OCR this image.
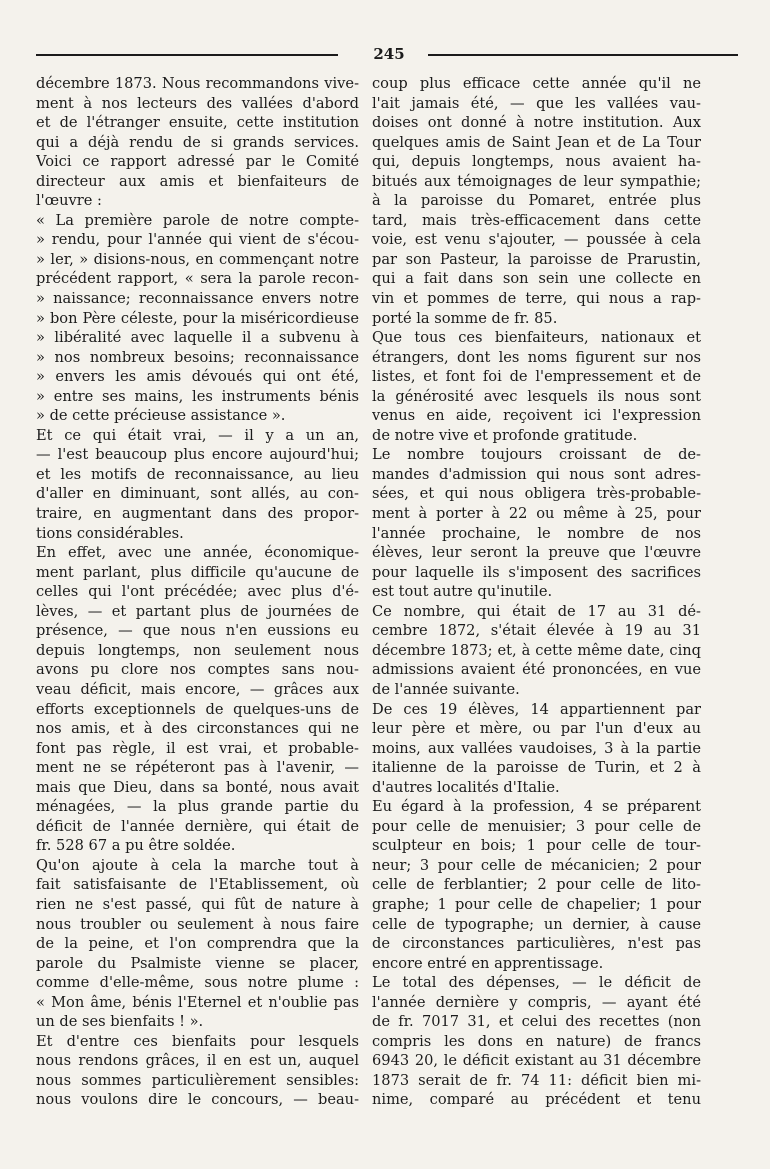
245
décembre 1873. Nous recommandons vive-
ment à nos lecteurs des vallées d'abord
et de l'étranger ensuite, cette institution
qui a déjà rendu de si grands services.
Voici ce rapport adressé par le Comité
directeur aux amis et bienfaiteurs de
l'œuvre :
« La première parole de notre compte-
» rendu, pour l'année qui vient de s'écou-
» ler, » disions-nous, en commençant notre
précédent rapport, « sera la parole recon-
» naissance; reconnaissance envers notre
» bon Père céleste, pour la miséricordieuse
» libéralité avec laquelle il a subvenu à
» nos nombreux besoins; reconnaissance
» envers les amis dévoués qui ont été,
» entre ses mains, les instruments bénis
» de cette précieuse assistance ».
Et ce qui était vrai, — il y a un an,
— l'est beaucoup plus encore aujourd'hui;
et les motifs de reconnaissance, au lieu
d'aller en diminuant, sont allés, au con-
traire, en augmentant dans des propor-
tions considérables.
En effet, avec une année, économique-
ment parlant, plus difficile qu'aucune de
celles qui l'ont précédée; avec plus d'é-
lèves, — et partant plus de journées de
présence, — que nous n'en eussions eu
depuis longtemps, non seulement nous
avons pu clore nos comptes sans nou-
veau déficit, mais encore, — grâces aux
efforts exceptionnels de quelques-uns de
nos amis, et à des circonstances qui ne
font pas règle, il est vrai, et probable-
ment ne se répéteront pas à l'avenir, —
mais que Dieu, dans sa bonté, nous avait
ménagées, — la plus grande partie du
déficit de l'année dernière, qui était de
fr. 528 67 a pu être soldée.
Qu'on ajoute à cela la marche tout à
fait satisfaisante de l'Etablissement, où
rien ne s'est passé, qui fût de nature à
nous troubler ou seulement à nous faire
de la peine, et l'on comprendra que la
parole du Psalmiste vienne se placer,
comme d'elle-même, sous notre plume :
« Mon âme, bénis l'Eternel et n'oublie pas
un de ses bienfaits ! ».
Et d'entre ces bienfaits pour lesquels
nous rendons grâces, il en est un, auquel
nous sommes particulièrement sensibles:
nous voulons dire le concours, — beau-
coup plus efficace cette année qu'il ne
l'ait jamais été, — que les vallées vau-
doises ont donné à notre institution. Aux
quelques amis de Saint Jean et de La Tour
qui, depuis longtemps, nous avaient ha-
bitués aux témoignages de leur sympathie;
à la paroisse du Pomaret, entrée plus
tard, mais très-efficacement dans cette
voie, est venu s'ajouter, — poussée à cela
par son Pasteur, la paroisse de Prarustin,
qui a fait dans son sein une collecte en
vin et pommes de terre, qui nous a rap-
porté la somme de fr. 85.
Que tous ces bienfaiteurs, nationaux et
étrangers, dont les noms figurent sur nos
listes, et font foi de l'empressement et de
la générosité avec lesquels ils nous sont
venus en aide, reçoivent ici l'expression
de notre vive et profonde gratitude.
Le nombre toujours croissant de de-
mandes d'admission qui nous sont adres-
sées, et qui nous obligera très-probable-
ment à porter à 22 ou même à 25, pour
l'année prochaine, le nombre de nos
élèves, leur seront la preuve que l'œuvre
pour laquelle ils s'imposent des sacrifices
est tout autre qu'inutile.
Ce nombre, qui était de 17 au 31 dé-
cembre 1872, s'était élevée à 19 au 31
décembre 1873; et, à cette même date, cinq
admissions avaient été prononcées, en vue
de l'année suivante.
De ces 19 élèves, 14 appartiennent par
leur père et mère, ou par l'un d'eux au
moins, aux vallées vaudoises, 3 à la partie
italienne de la paroisse de Turin, et 2 à
d'autres localités d'Italie.
Eu égard à la profession, 4 se préparent
pour celle de menuisier; 3 pour celle de
sculpteur en bois; 1 pour celle de tour-
neur; 3 pour celle de mécanicien; 2 pour
celle de ferblantier; 2 pour celle de lito-
graphe; 1 pour celle de chapelier; 1 pour
celle de typographe; un dernier, à cause
de circonstances particulières, n'est pas
encore entré en apprentissage.
Le total des dépenses, — le déficit de
l'année dernière y compris, — ayant été
de fr. 7017 31, et celui des recettes (non
compris les dons en nature) de francs
6943 20, le déficit existant au 31 décembre
1873 serait de fr. 74 11: déficit bien mi-
nime, comparé au précédent et tenu
